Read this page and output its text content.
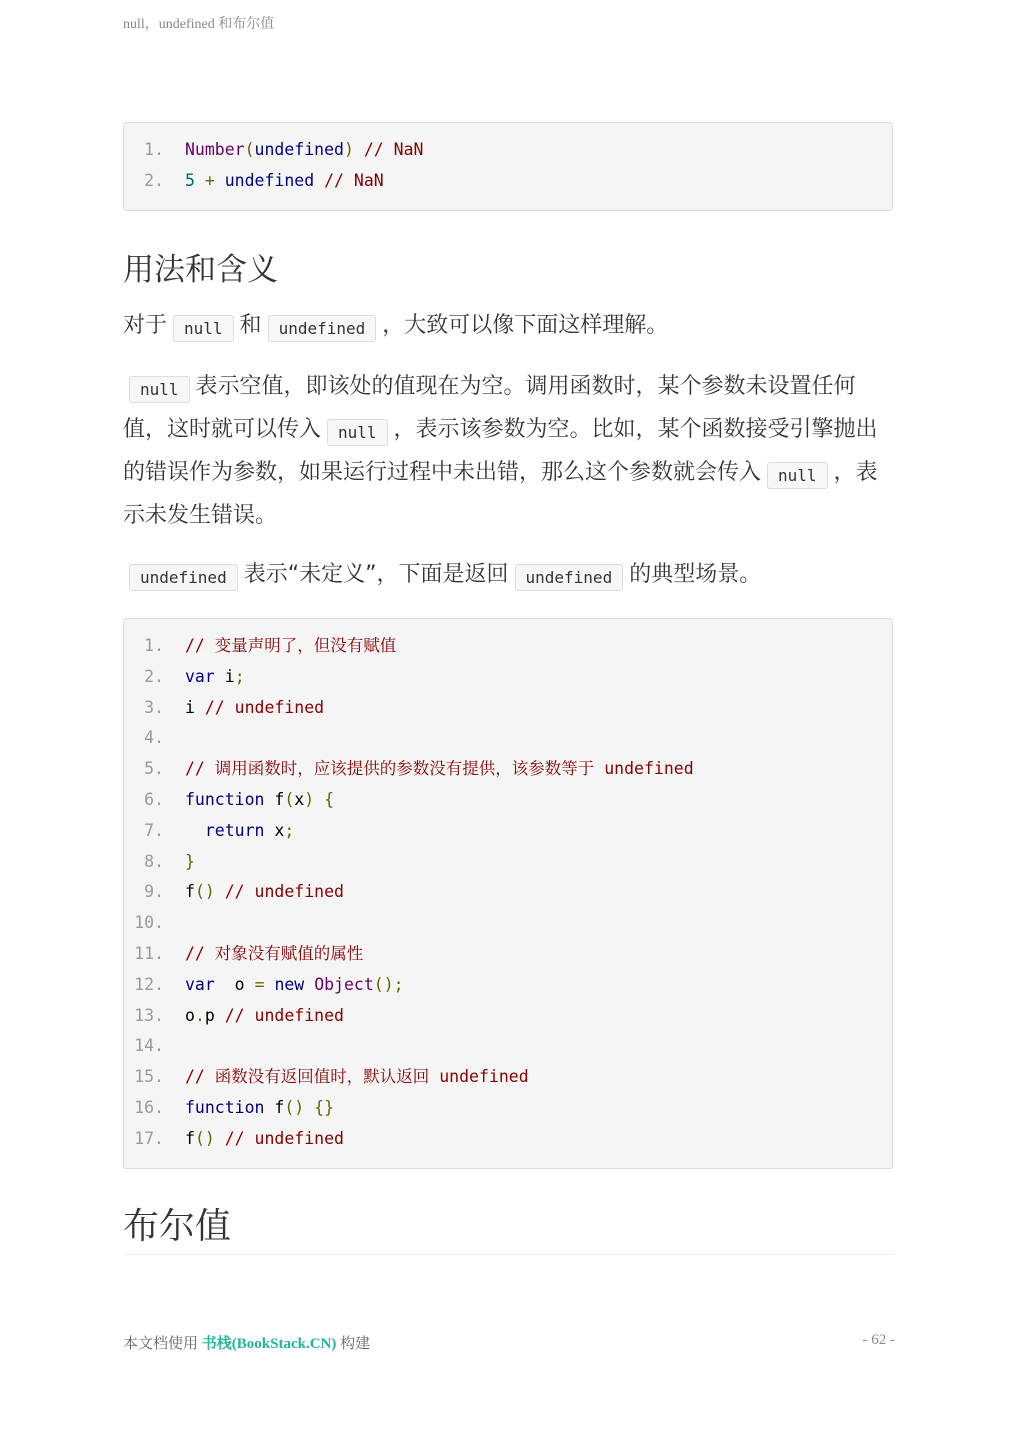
null，undefined 和布尔值
1. Number(undefined) // NaN
2. 5 + undefined // NaN
用法和含义

对于 null 和 undefined ，大致可以像下面这样理解。

null 表示空值，即该处的值现在为空。调用函数时，某个参数未设置任何值，这时就可以传入 null ，表示该参数为空。比如，某个函数接受引擎抛出的错误作为参数，如果运行过程中未出错，那么这个参数就会传入 null ，表示未发生错误。

undefined 表示“未定义”，下面是返回 undefined 的典型场景。

1. // 变量声明了，但没有赋值
2. var i;
3. i // undefined
4.
5. // 调用函数时，应该提供的参数没有提供，该参数等于 undefined
6. function f(x) {
7.	return x;
8. }
9. f() // undefined
10.
11. // 对象没有赋值的属性
12. var  o = new Object();
13. o.p // undefined
14.
15. // 函数没有返回值时，默认返回 undefined
16. function f() {}
17. f() // undefined
布尔值
本文档使用 书栈(BookStack.CN) 构建	- 62 -
